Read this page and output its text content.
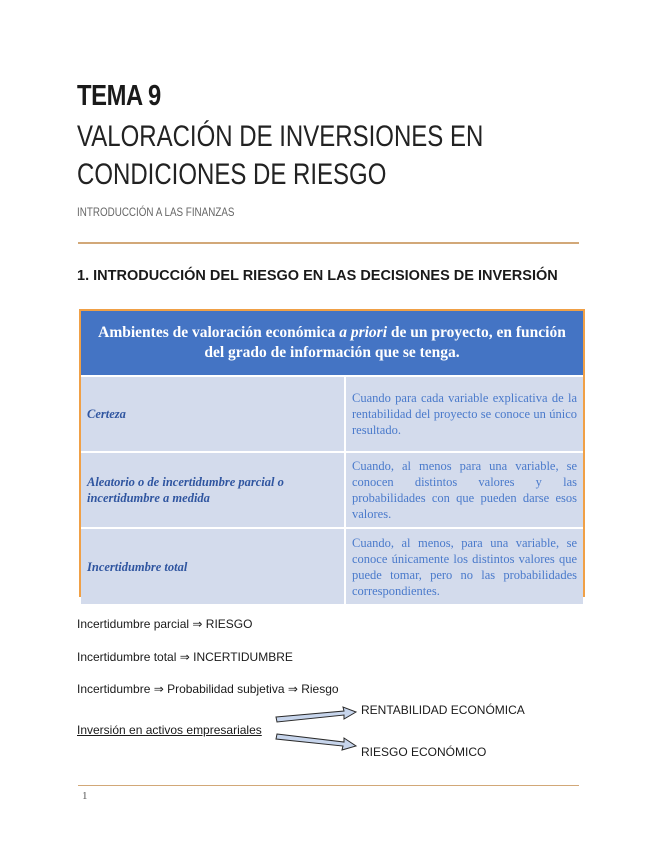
TEMA 9
VALORACIÓN DE INVERSIONES EN CONDICIONES DE RIESGO
INTRODUCCIÓN A LAS FINANZAS
1. INTRODUCCIÓN DEL RIESGO EN LAS DECISIONES DE INVERSIÓN
Ambientes de valoración económica a priori de un proyecto, en función del grado de información que se tenga.	
Certeza	Cuando para cada variable explicativa de la rentabilidad del proyecto se conoce un único resultado.
Aleatorio o de incertidumbre parcial o incertidumbre a medida	Cuando, al menos para una variable, se conocen distintos valores y las probabilidades con que pueden darse esos valores.
Incertidumbre total	Cuando, al menos, para una variable, se conoce únicamente los distintos valores que puede tomar, pero no las probabilidades correspondientes.
Incertidumbre parcial ⇒ RIESGO
Incertidumbre total ⇒ INCERTIDUMBRE
Incertidumbre ⇒ Probabilidad subjetiva ⇒ Riesgo
Inversión en activos empresariales
RENTABILIDAD ECONÓMICA
RIESGO ECONÓMICO
1
